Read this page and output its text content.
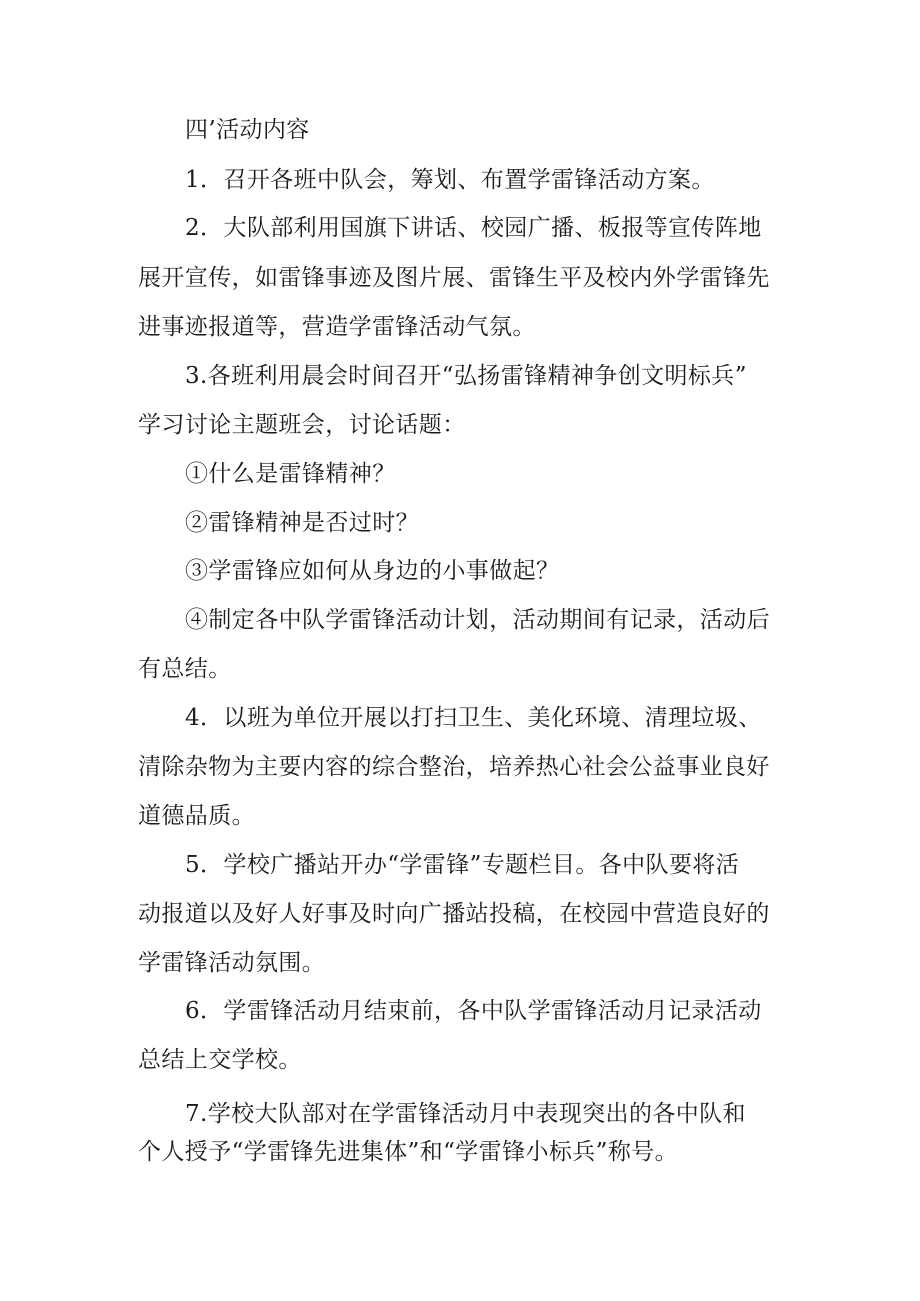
四’活动内容
1．召开各班中队会，筹划、布置学雷锋活动方案。
2．大队部利用国旗下讲话、校园广播、板报等宣传阵地
展开宣传，如雷锋事迹及图片展、雷锋生平及校内外学雷锋先
进事迹报道等，营造学雷锋活动气氛。
3.各班利用晨会时间召开“弘扬雷锋精神争创文明标兵”
学习讨论主题班会，讨论话题：
①什么是雷锋精神？
②雷锋精神是否过时？
③学雷锋应如何从身边的小事做起？
④制定各中队学雷锋活动计划，活动期间有记录，活动后
有总结。
4．以班为单位开展以打扫卫生、美化环境、清理垃圾、
清除杂物为主要内容的综合整治，培养热心社会公益事业良好
道德品质。
5．学校广播站开办“学雷锋”专题栏目。各中队要将活
动报道以及好人好事及时向广播站投稿，在校园中营造良好的
学雷锋活动氛围。
6．学雷锋活动月结束前，各中队学雷锋活动月记录活动
总结上交学校。
7.学校大队部对在学雷锋活动月中表现突出的各中队和
个人授予“学雷锋先进集体”和“学雷锋小标兵”称号。
